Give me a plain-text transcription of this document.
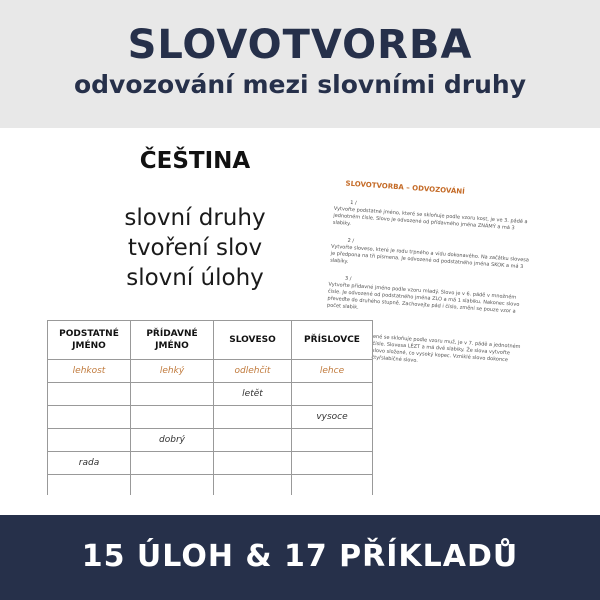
SLOVOTVORBA
odvozování mezi slovními druhy
ČEŠTINA
slovní druhy
tvoření slov
slovní úlohy
SLOVOTVORBA – ODVOZOVÁNÍ
1 /
Vytvořte podstatné jméno, které se skloňuje podle vzoru kost, je ve 3. pádě a jednotném čísle. Slovo je odvozené od přídavného jména ZNÁMÝ a má 3 slabiky.
2 /
Vytvořte sloveso, které je rodu trpného a vidu dokonavého. Na začátku slovesa je předpona na tři písmena. Je odvozené od podstatného jména SKOK a má 3 slabiky.
3 /
Vytvořte přídavné jméno podle vzoru mladý. Slovo je v 6. pádě v množném čísle. Je odvozené od podstatného jména ZLO a má 1 slabiku. Nakonec slovo převeďte do druhého stupně. Zachovejte pád i číslo, změní se pouze vzor a počet slabik.
ené se skloňuje podle vzoru muž, je v 7. pádě a jednotném čísle. Slovesa LÉZT a má dvě slabiky. Že slova vytvořte slovo složené, co vysoký kopec. Vzniklé slovo dokonce čtyřslabičné slovo.
PODSTATNÉ JMÉNO	PŘÍDAVNÉ JMÉNO	SLOVESO	PŘÍSLOVCE
lehkost	lehký	odlehčit	lehce
		letět	
			vysoce
	dobrý		
rada			

15 ÚLOH & 17 PŘÍKLADŮ
